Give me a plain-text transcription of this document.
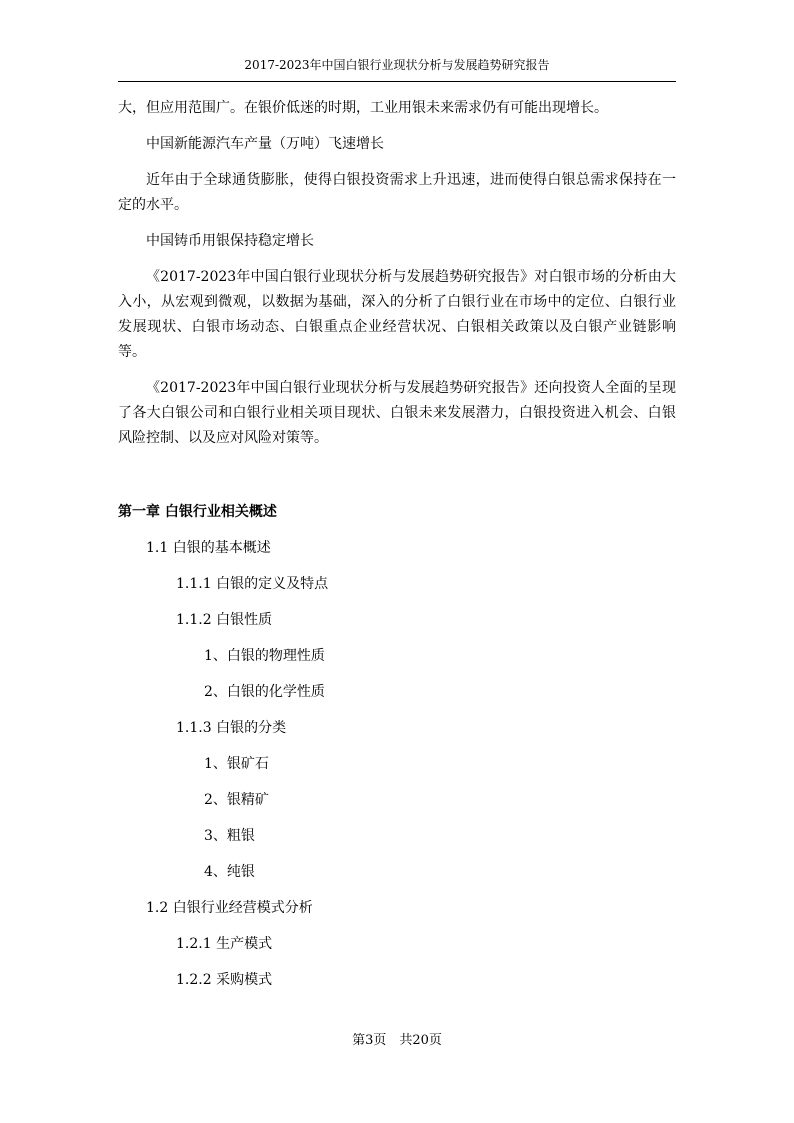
2017-2023年中国白银行业现状分析与发展趋势研究报告

大，但应用范围广。在银价低迷的时期，工业用银未来需求仍有可能出现增长。

中国新能源汽车产量（万吨）飞速增长

近年由于全球通货膨胀，使得白银投资需求上升迅速，进而使得白银总需求保持在一定的水平。

中国铸币用银保持稳定增长

《2017-2023年中国白银行业现状分析与发展趋势研究报告》对白银市场的分析由大入小，从宏观到微观，以数据为基础，深入的分析了白银行业在市场中的定位、白银行业发展现状、白银市场动态、白银重点企业经营状况、白银相关政策以及白银产业链影响等。

《2017-2023年中国白银行业现状分析与发展趋势研究报告》还向投资人全面的呈现了各大白银公司和白银行业相关项目现状、白银未来发展潜力，白银投资进入机会、白银风险控制、以及应对风险对策等。

第一章 白银行业相关概述
1.1 白银的基本概述
1.1.1 白银的定义及特点
1.1.2 白银性质
1、白银的物理性质
2、白银的化学性质
1.1.3 白银的分类
1、银矿石
2、银精矿
3、粗银
4、纯银
1.2 白银行业经营模式分析
1.2.1 生产模式
1.2.2 采购模式
第3页　共20页
